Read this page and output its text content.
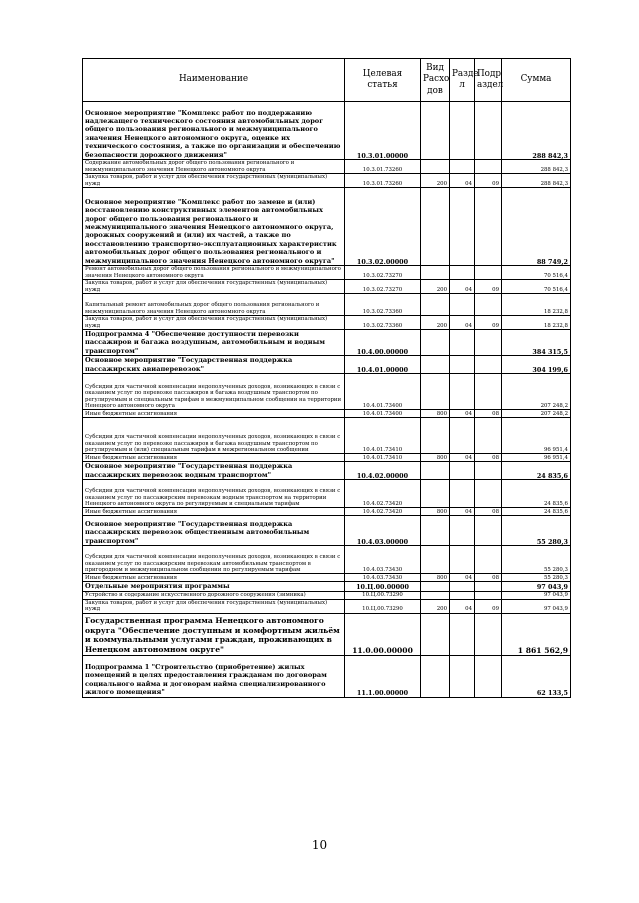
Наименование	Целевая статья	Вид Расхо дов	Разде л	Подр аздел	Сумма
Основное мероприятие "Комплекс работ по поддержанию надлежащего технического состояния автомобильных дорог общего пользования регионального и межмуниципального значения Ненецкого автономного округа, оценке их технического состояния, а также по организации и обеспечению безопасности дорожного движения"	10.3.01.00000				288 842,3
Содержание автомобильных дорог общего пользования регионального и межмуниципального значения Ненецкого автономного округа	10.3.01.73260				288 842,3
Закупка товаров, работ и услуг для обеспечения государственных (муниципальных) нужд	10.3.01.73260	200	04	09	288 842,3
Основное мероприятие "Комплекс работ по замене и (или) восстановлению конструктивных элементов автомобильных дорог общего пользования регионального и межмуниципального значения Ненецкого автономного округа, дорожных сооружений и (или) их частей, а также по восстановлению транспортно-эксплуатационных характеристик автомобильных дорог общего пользования регионального и межмуниципального значения Ненецкого автономного округа"	10.3.02.00000				88 749,2
Ремонт автомобильных дорог общего пользования регионального и межмуниципального значения Ненецкого автономного округа	10.3.02.73270				70 516,4
Закупка товаров, работ и услуг для обеспечения государственных (муниципальных) нужд	10.3.02.73270	200	04	09	70 516,4
Капитальный ремонт автомобильных дорог общего пользования регионального и межмуниципального значения Ненецкого автономного округа	10.3.02.73360				18 232,8
Закупка товаров, работ и услуг для обеспечения государственных (муниципальных) нужд	10.3.02.73360	200	04	09	18 232,8
Подпрограмма 4 "Обеспечение доступности перевозки пассажиров и багажа воздушным, автомобильным и водным транспортом"	10.4.00.00000				384 315,5
Основное мероприятие "Государственная поддержка пассажирских авиаперевозок"	10.4.01.00000				304 199,6
Субсидии для частичной компенсации недополученных доходов, возникающих в связи с оказанием услуг по перевозке пассажиров и багажа воздушным транспортом по регулируемым и специальным тарифам в межмуниципальном сообщении на территории Ненецкого автономного округа	10.4.01.73400				207 248,2
Иные бюджетные ассигнования	10.4.01.73400	800	04	08	207 248,2
Субсидии для частичной компенсации недополученных доходов, возникающих в связи с оказанием услуг по перевозке пассажиров и багажа воздушным транспортом по регулируемым и (или) специальным тарифам в межрегиональном сообщении	10.4.01.73410				96 951,4
Иные бюджетные ассигнования	10.4.01.73410	800	04	08	96 951,4
Основное мероприятие "Государственная поддержка пассажирских перевозок водным транспортом"	10.4.02.00000				24 835,6
Субсидии для частичной компенсации недополученных доходов, возникающих в связи с оказанием услуг по пассажирским перевозкам водным транспортом на территории Ненецкого автономного округа по регулируемым и специальным тарифам	10.4.02.73420				24 835,6
Иные бюджетные ассигнования	10.4.02.73420	800	04	08	24 835,6
Основное мероприятие "Государственная поддержка пассажирских перевозок общественным автомобильным транспортом"	10.4.03.00000				55 280,3
Субсидии для частичной компенсации недополученных доходов, возникающих в связи с оказанием услуг по пассажирским перевозкам автомобильным транспортом в пригородном и межмуниципальном сообщении по регулируемым тарифам	10.4.03.73430				55 280,3
Иные бюджетные ассигнования	10.4.03.73430	800	04	08	55 280,3
Отдельные мероприятия программы	10.Ц.00.00000				97 043,9
Устройство и содержание искусственного дорожного сооружения (зимника)	10.Ц.00.73290				97 043,9
Закупка товаров, работ и услуг для обеспечения государственных (муниципальных) нужд	10.Ц.00.73290	200	04	09	97 043,9
Государственная программа Ненецкого автономного округа "Обеспечение доступным и комфортным жильём и коммунальными услугами граждан, проживающих в Ненецком автономном округе"	11.0.00.00000				1 861 562,9
Подпрограмма 1 "Строительство (приобретение) жилых помещений в целях предоставления гражданам по договорам социального найма и договорам найма специализированного жилого помещения"	11.1.00.00000				62 133,5
10
